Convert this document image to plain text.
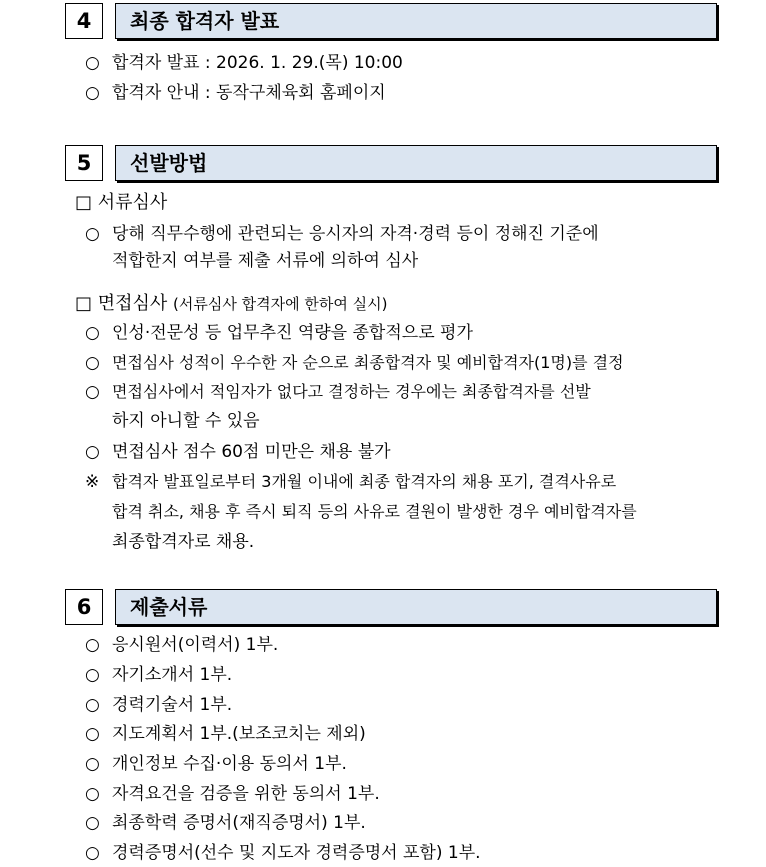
4	최종 합격자 발표
○ 합격자 발표 : 2026. 1. 29.(목) 10:00
○ 합격자 안내 : 동작구체육회 홈페이지
5	선발방법
□ 서류심사
○ 당해 직무수행에 관련되는 응시자의 자격·경력 등이 정해진 기준에
적합한지 여부를 제출 서류에 의하여 심사
□ 면접심사 (서류심사 합격자에 한하여 실시)
○ 인성·전문성 등 업무추진 역량을 종합적으로 평가
○ 면접심사 성적이 우수한 자 순으로 최종합격자 및 예비합격자(1명)를 결정
○ 면접심사에서 적임자가 없다고 결정하는 경우에는 최종합격자를 선발
하지 아니할 수 있음
○ 면접심사 점수 60점 미만은 채용 불가
※ 합격자 발표일로부터 3개월 이내에 최종 합격자의 채용 포기, 결격사유로
합격 취소, 채용 후 즉시 퇴직 등의 사유로 결원이 발생한 경우 예비합격자를
최종합격자로 채용.
6	제출서류
○ 응시원서(이력서) 1부.
○ 자기소개서 1부.
○ 경력기술서 1부.
○ 지도계획서 1부.(보조코치는 제외)
○ 개인정보 수집·이용 동의서 1부.
○ 자격요건을 검증을 위한 동의서 1부.
○ 최종학력 증명서(재직증명서) 1부.
○ 경력증명서(선수 및 지도자 경력증명서 포함) 1부.
